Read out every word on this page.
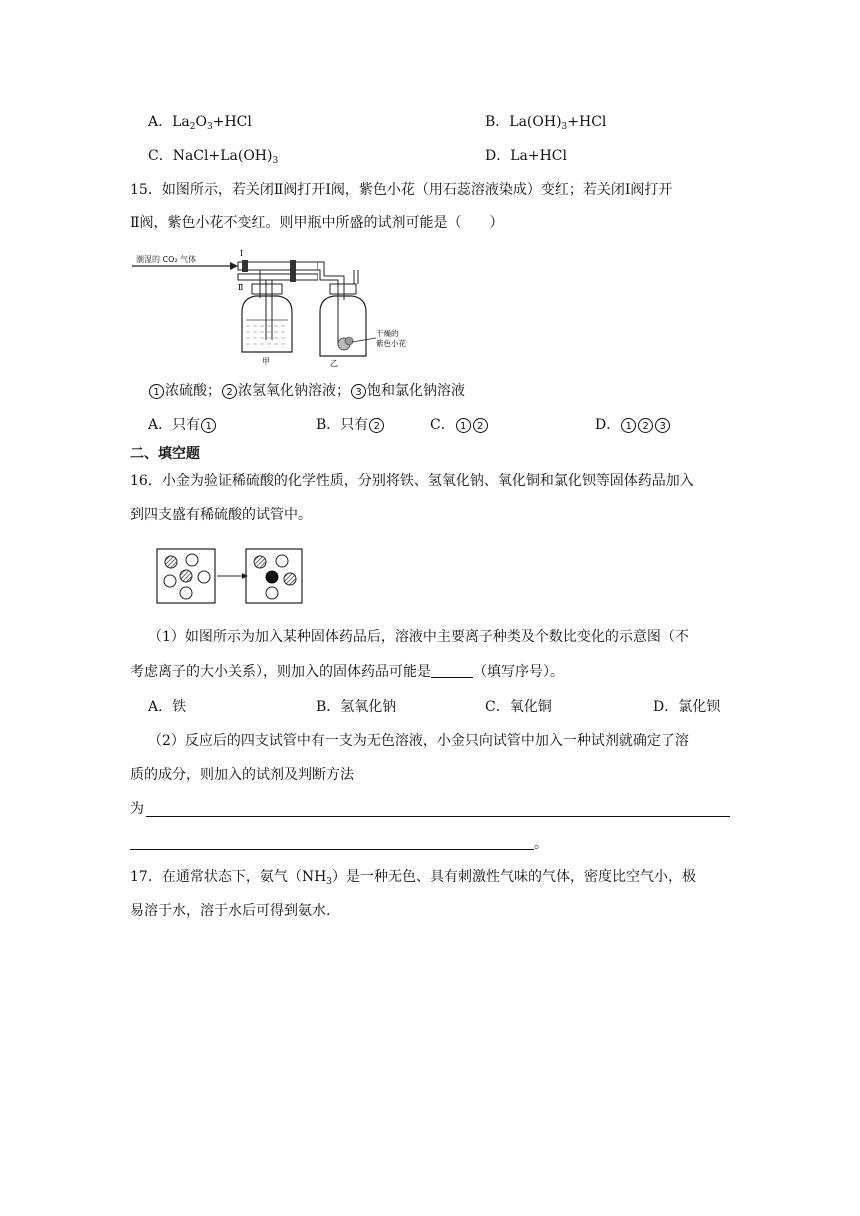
A．$La_2O_3+HCl$	B．$La(OH)_3+HCl$
C．$NaCl+La(OH)_3$	D．La+HCl
15．如图所示，若关闭Ⅱ阀打开Ⅰ阀，紫色小花（用石蕊溶液染成）变红；若关闭Ⅰ阀打开
Ⅱ阀，紫色小花不变红。则甲瓶中所盛的试剂可能是（　　）
潮湿的 CO₂ 气体
Ⅰ
Ⅱ
甲	乙
干燥的
紫色小花
1 浓硫酸； 2 浓氢氧化钠溶液； 3 饱和氯化钠溶液
A．只有 1	B．只有 2	C． 1 2	D． 1 2 3
二、填空题
16．小金为验证稀硫酸的化学性质，分别将铁、氢氧化钠、氧化铜和氯化钡等固体药品加入
到四支盛有稀硫酸的试管中。
（1）如图所示为加入某种固体药品后，溶液中主要离子种类及个数比变化的示意图（不
考虑离子的大小关系），则加入的固体药品可能是	（填写序号）。
A．铁	B．氢氧化钠	C．氧化铜	D．氯化钡
（2）反应后的四支试管中有一支为无色溶液，小金只向试管中加入一种试剂就确定了溶
质的成分，则加入的试剂及判断方法
为
。
17．在通常状态下，氨气$(NH_3)$是一种无色、具有刺激性气味的气体，密度比空气小，极
易溶于水，溶于水后可得到氨水.
